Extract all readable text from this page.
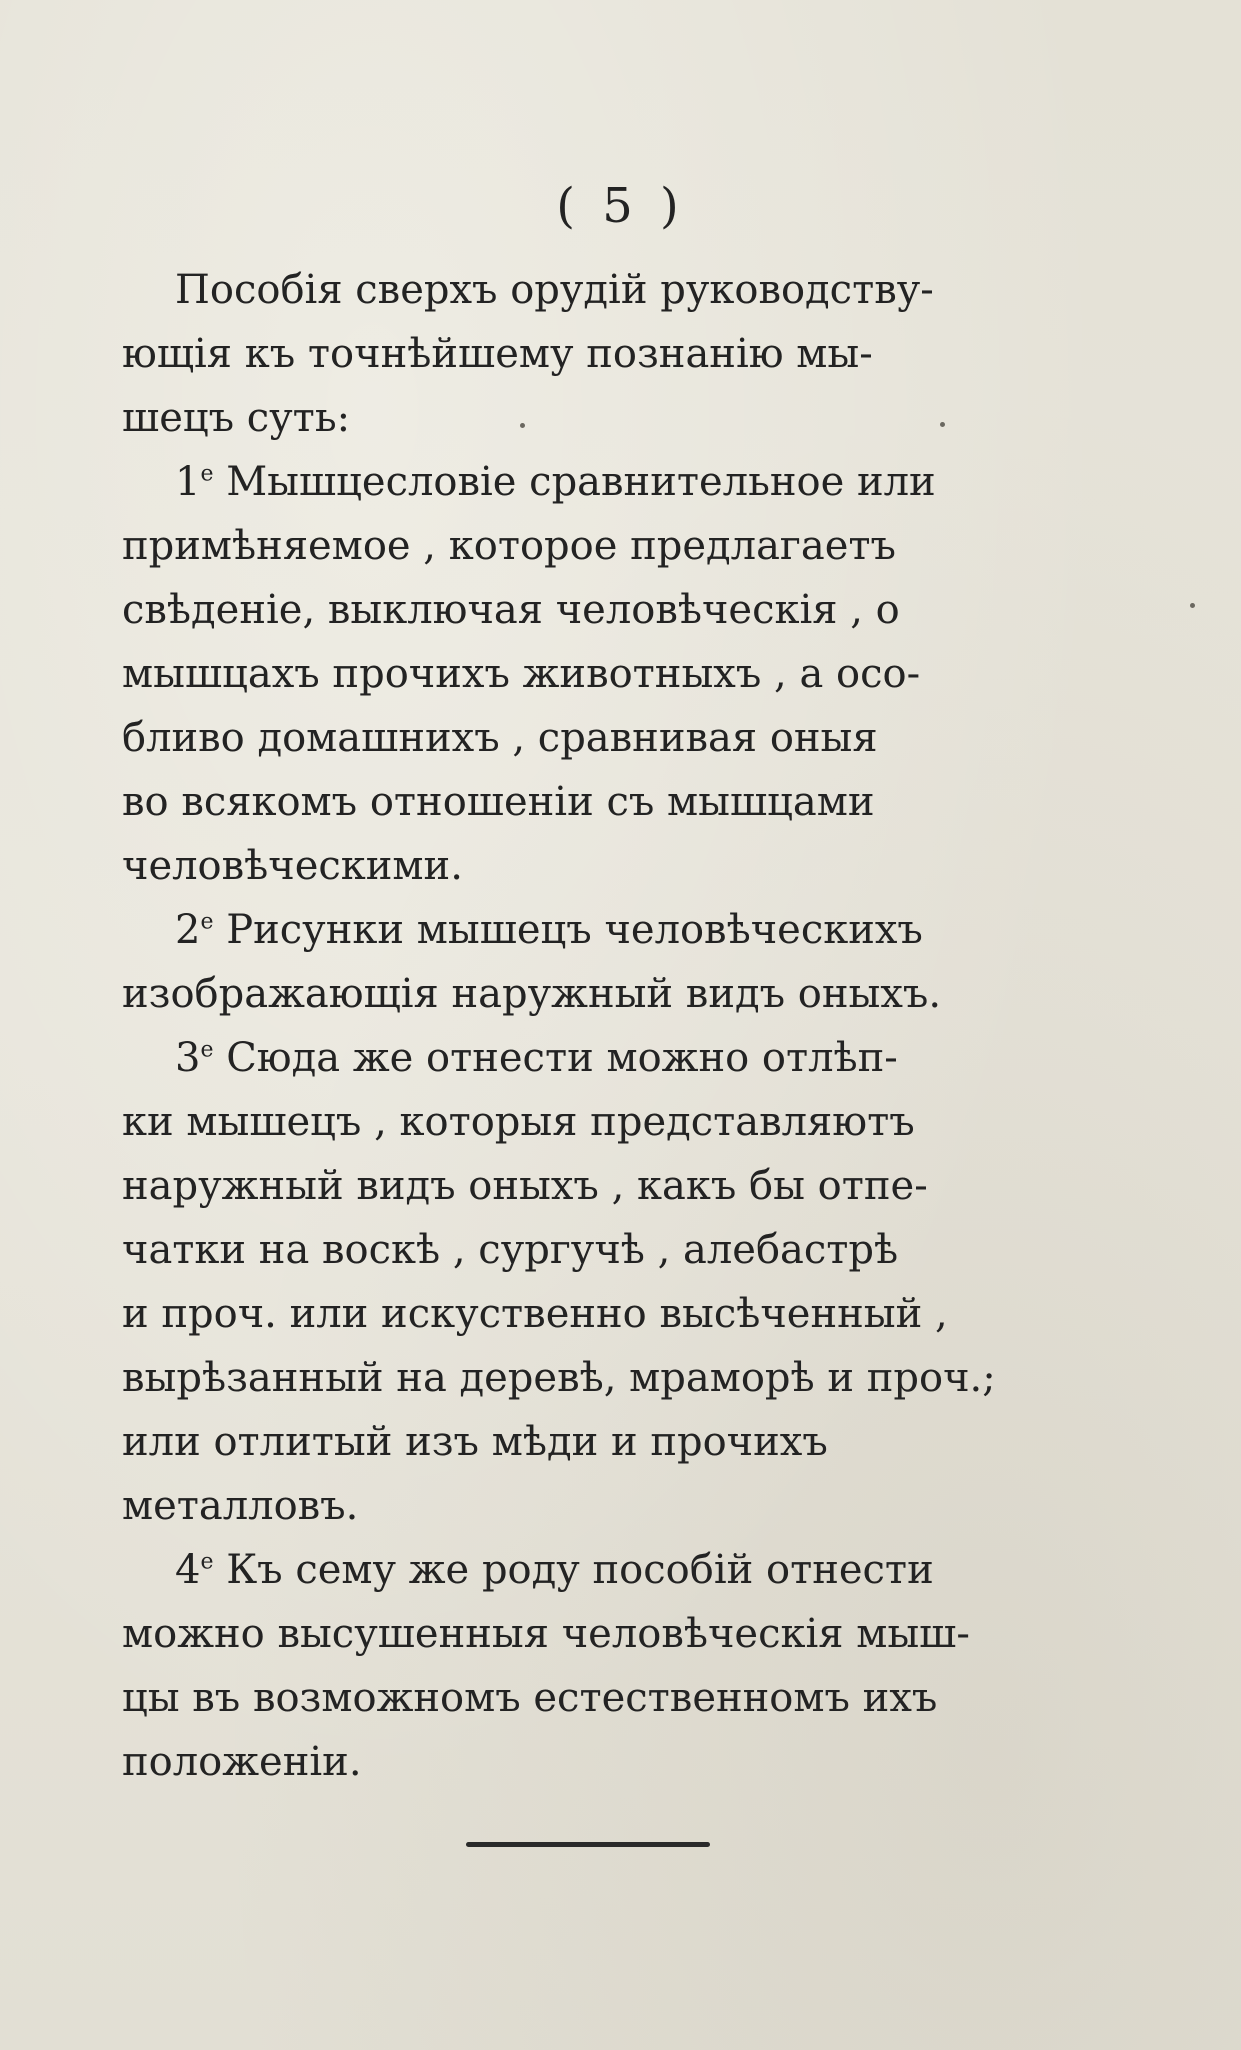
( 5 )
Пособія сверхъ орудій руководству-
ющія къ точнѣйшему познанію мы-
шецъ суть:
$1^е$ Мышцесловіе сравнительное или
примѣняемое , которое предлагаетъ
свѣденіе, выключая человѣческія , о
мышцахъ прочихъ животныхъ , а осо-
бливо домашнихъ , сравнивая оныя
во всякомъ отношеніи съ мышцами
человѣческими.
$2^е$ Рисунки мышецъ человѣческихъ
изображающія наружный видъ оныхъ.
$3^е$ Сюда же отнести можно отлѣп-
ки мышецъ , которыя представляютъ
наружный видъ оныхъ , какъ бы отпе-
чатки на воскѣ , сургучѣ , алебастрѣ
и проч. или искуственно высѣченный ,
вырѣзанный на деревѣ, мраморѣ и проч.;
или отлитый изъ мѣди и прочихъ
металловъ.
$4^е$ Къ сему же роду пособій отнести
можно высушенныя человѣческія мыш-
цы въ возможномъ естественномъ ихъ
положеніи.
